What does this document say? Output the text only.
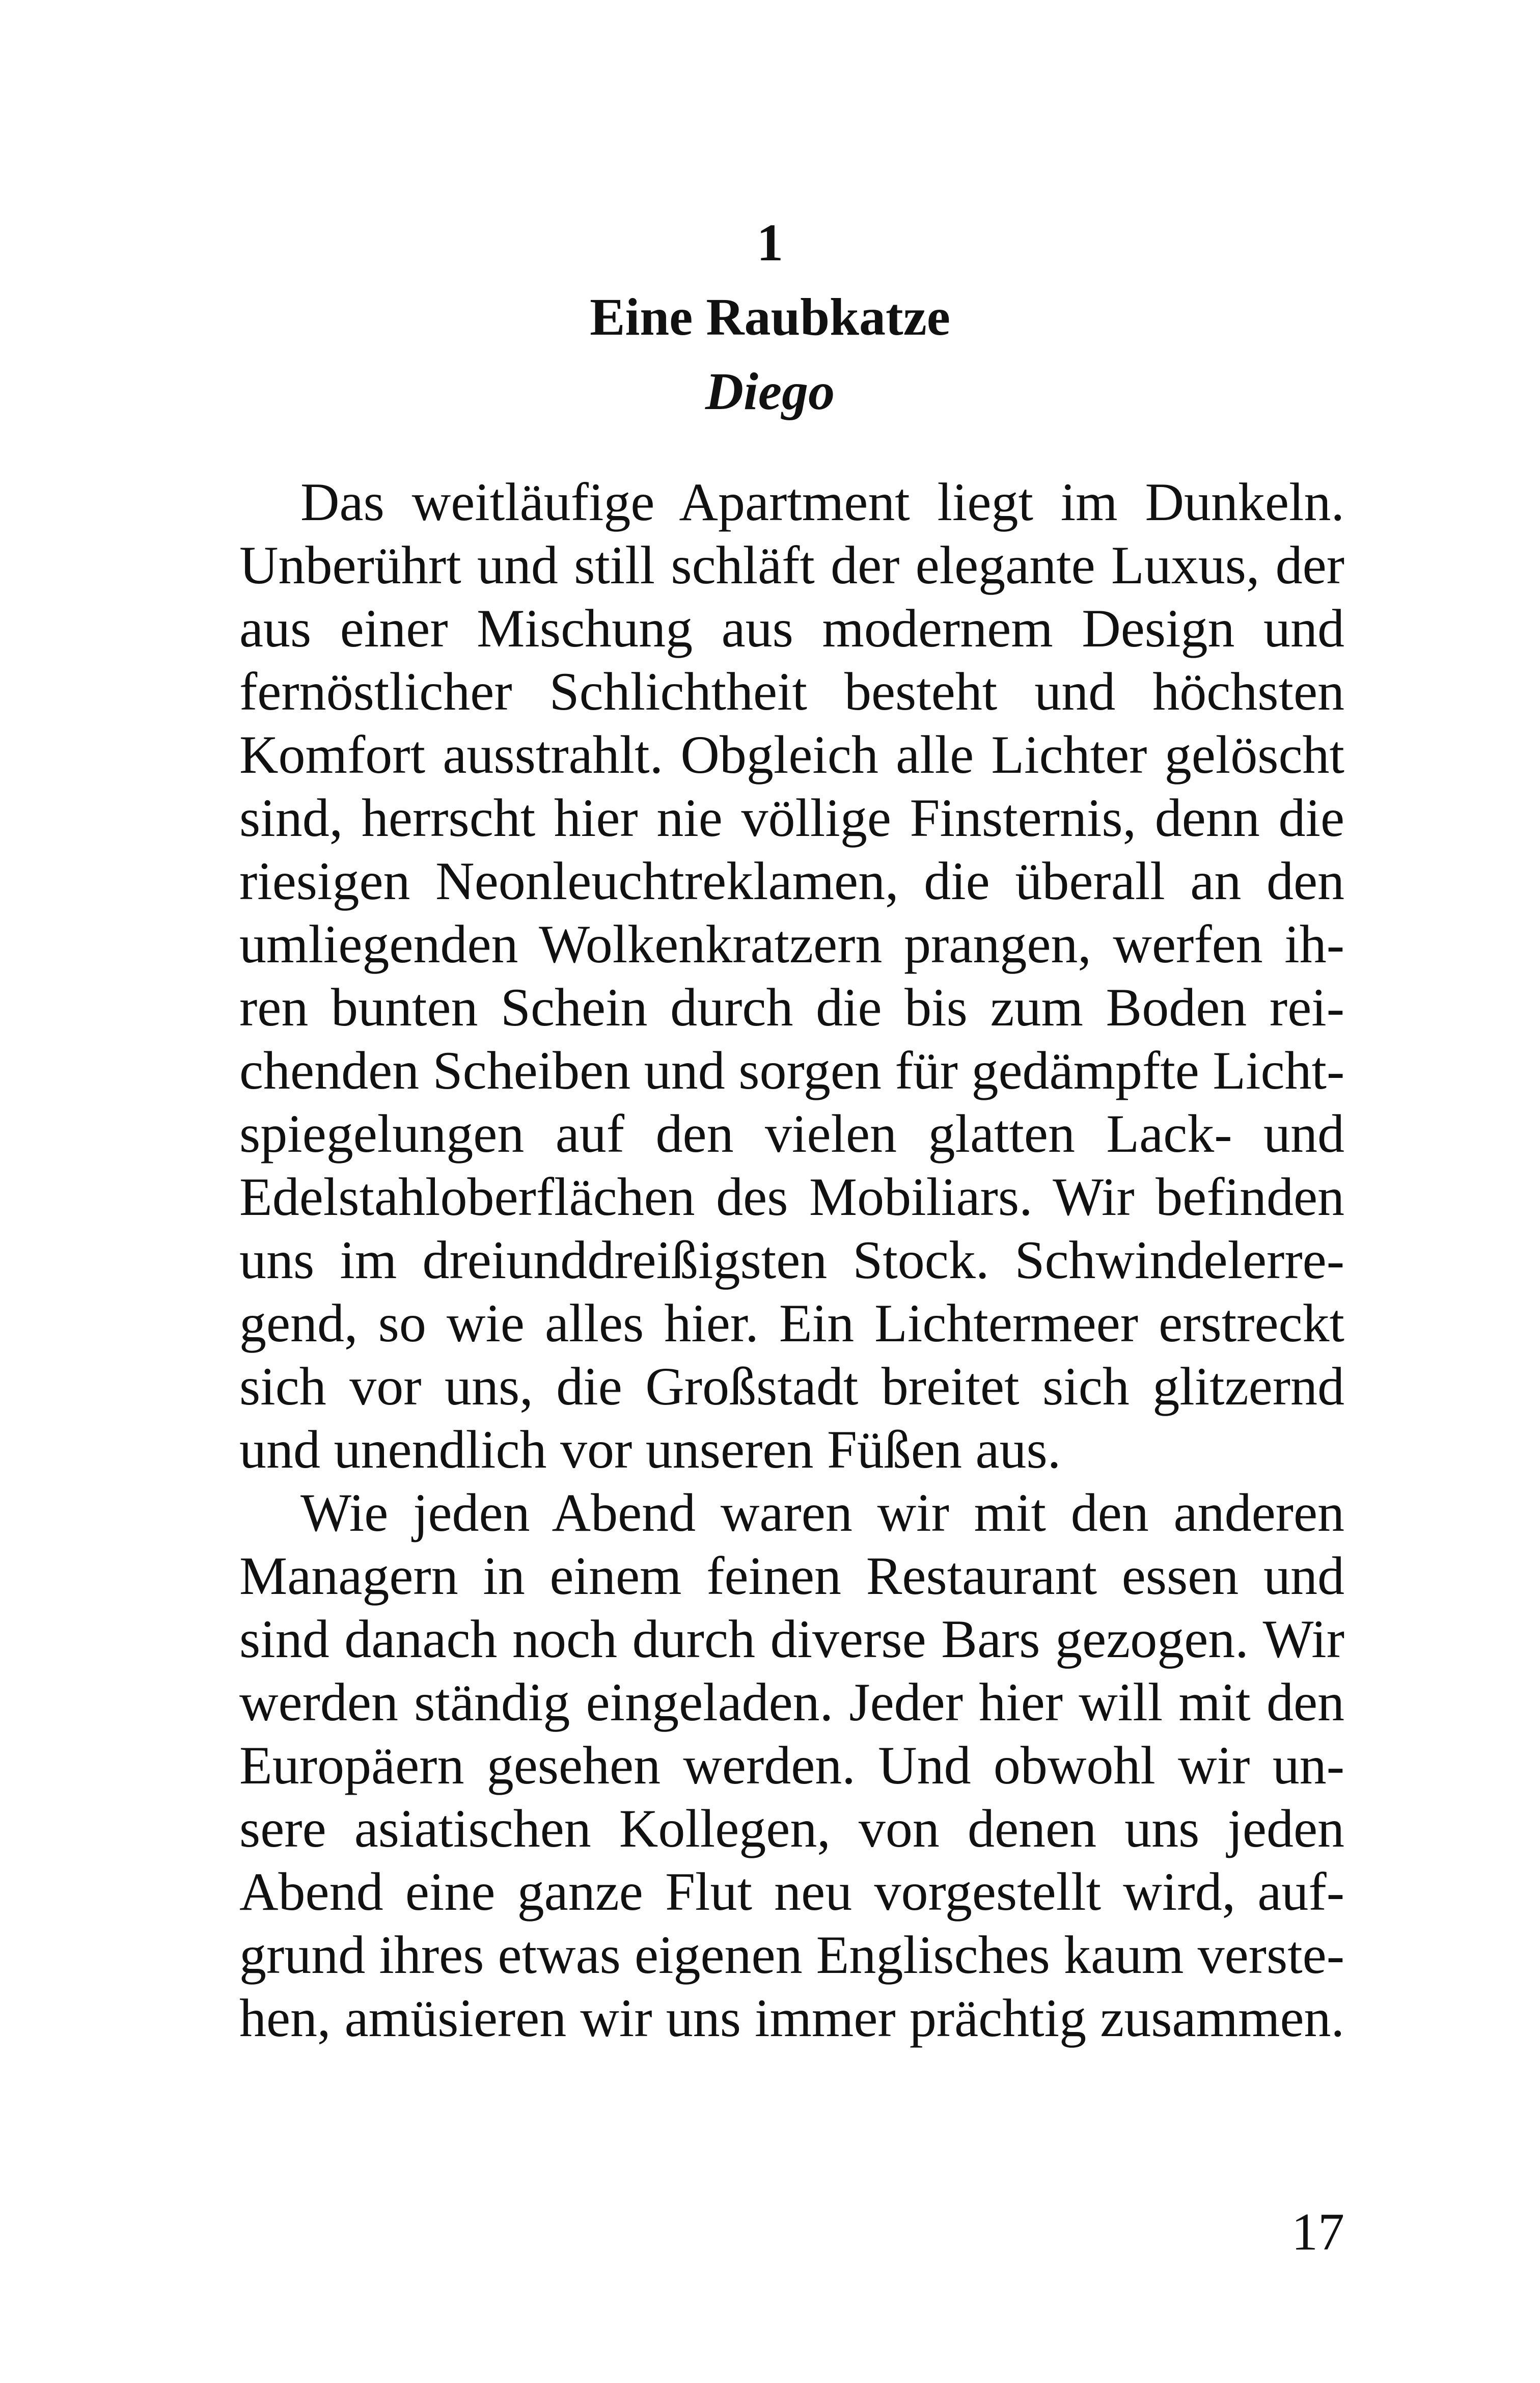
1
Eine Raubkatze
Diego
Das weitläufige Apartment liegt im Dunkeln.
Unberührt und still schläft der elegante Luxus, der
aus einer Mischung aus modernem Design und
fernöstlicher Schlichtheit besteht und höchsten
Komfort ausstrahlt. Obgleich alle Lichter gelöscht
sind, herrscht hier nie völlige Finsternis, denn die
riesigen Neonleuchtreklamen, die überall an den
umliegenden Wolkenkratzern prangen, werfen ih-
ren bunten Schein durch die bis zum Boden rei-
chenden Scheiben und sorgen für gedämpfte Licht-
spiegelungen auf den vielen glatten Lack- und
Edelstahloberflächen des Mobiliars. Wir befinden
uns im dreiunddreißigsten Stock. Schwindelerre-
gend, so wie alles hier. Ein Lichtermeer erstreckt
sich vor uns, die Großstadt breitet sich glitzernd
und unendlich vor unseren Füßen aus.
Wie jeden Abend waren wir mit den anderen
Managern in einem feinen Restaurant essen und
sind danach noch durch diverse Bars gezogen. Wir
werden ständig eingeladen. Jeder hier will mit den
Europäern gesehen werden. Und obwohl wir un-
sere asiatischen Kollegen, von denen uns jeden
Abend eine ganze Flut neu vorgestellt wird, auf-
grund ihres etwas eigenen Englisches kaum verste-
hen, amüsieren wir uns immer prächtig zusammen.
17
